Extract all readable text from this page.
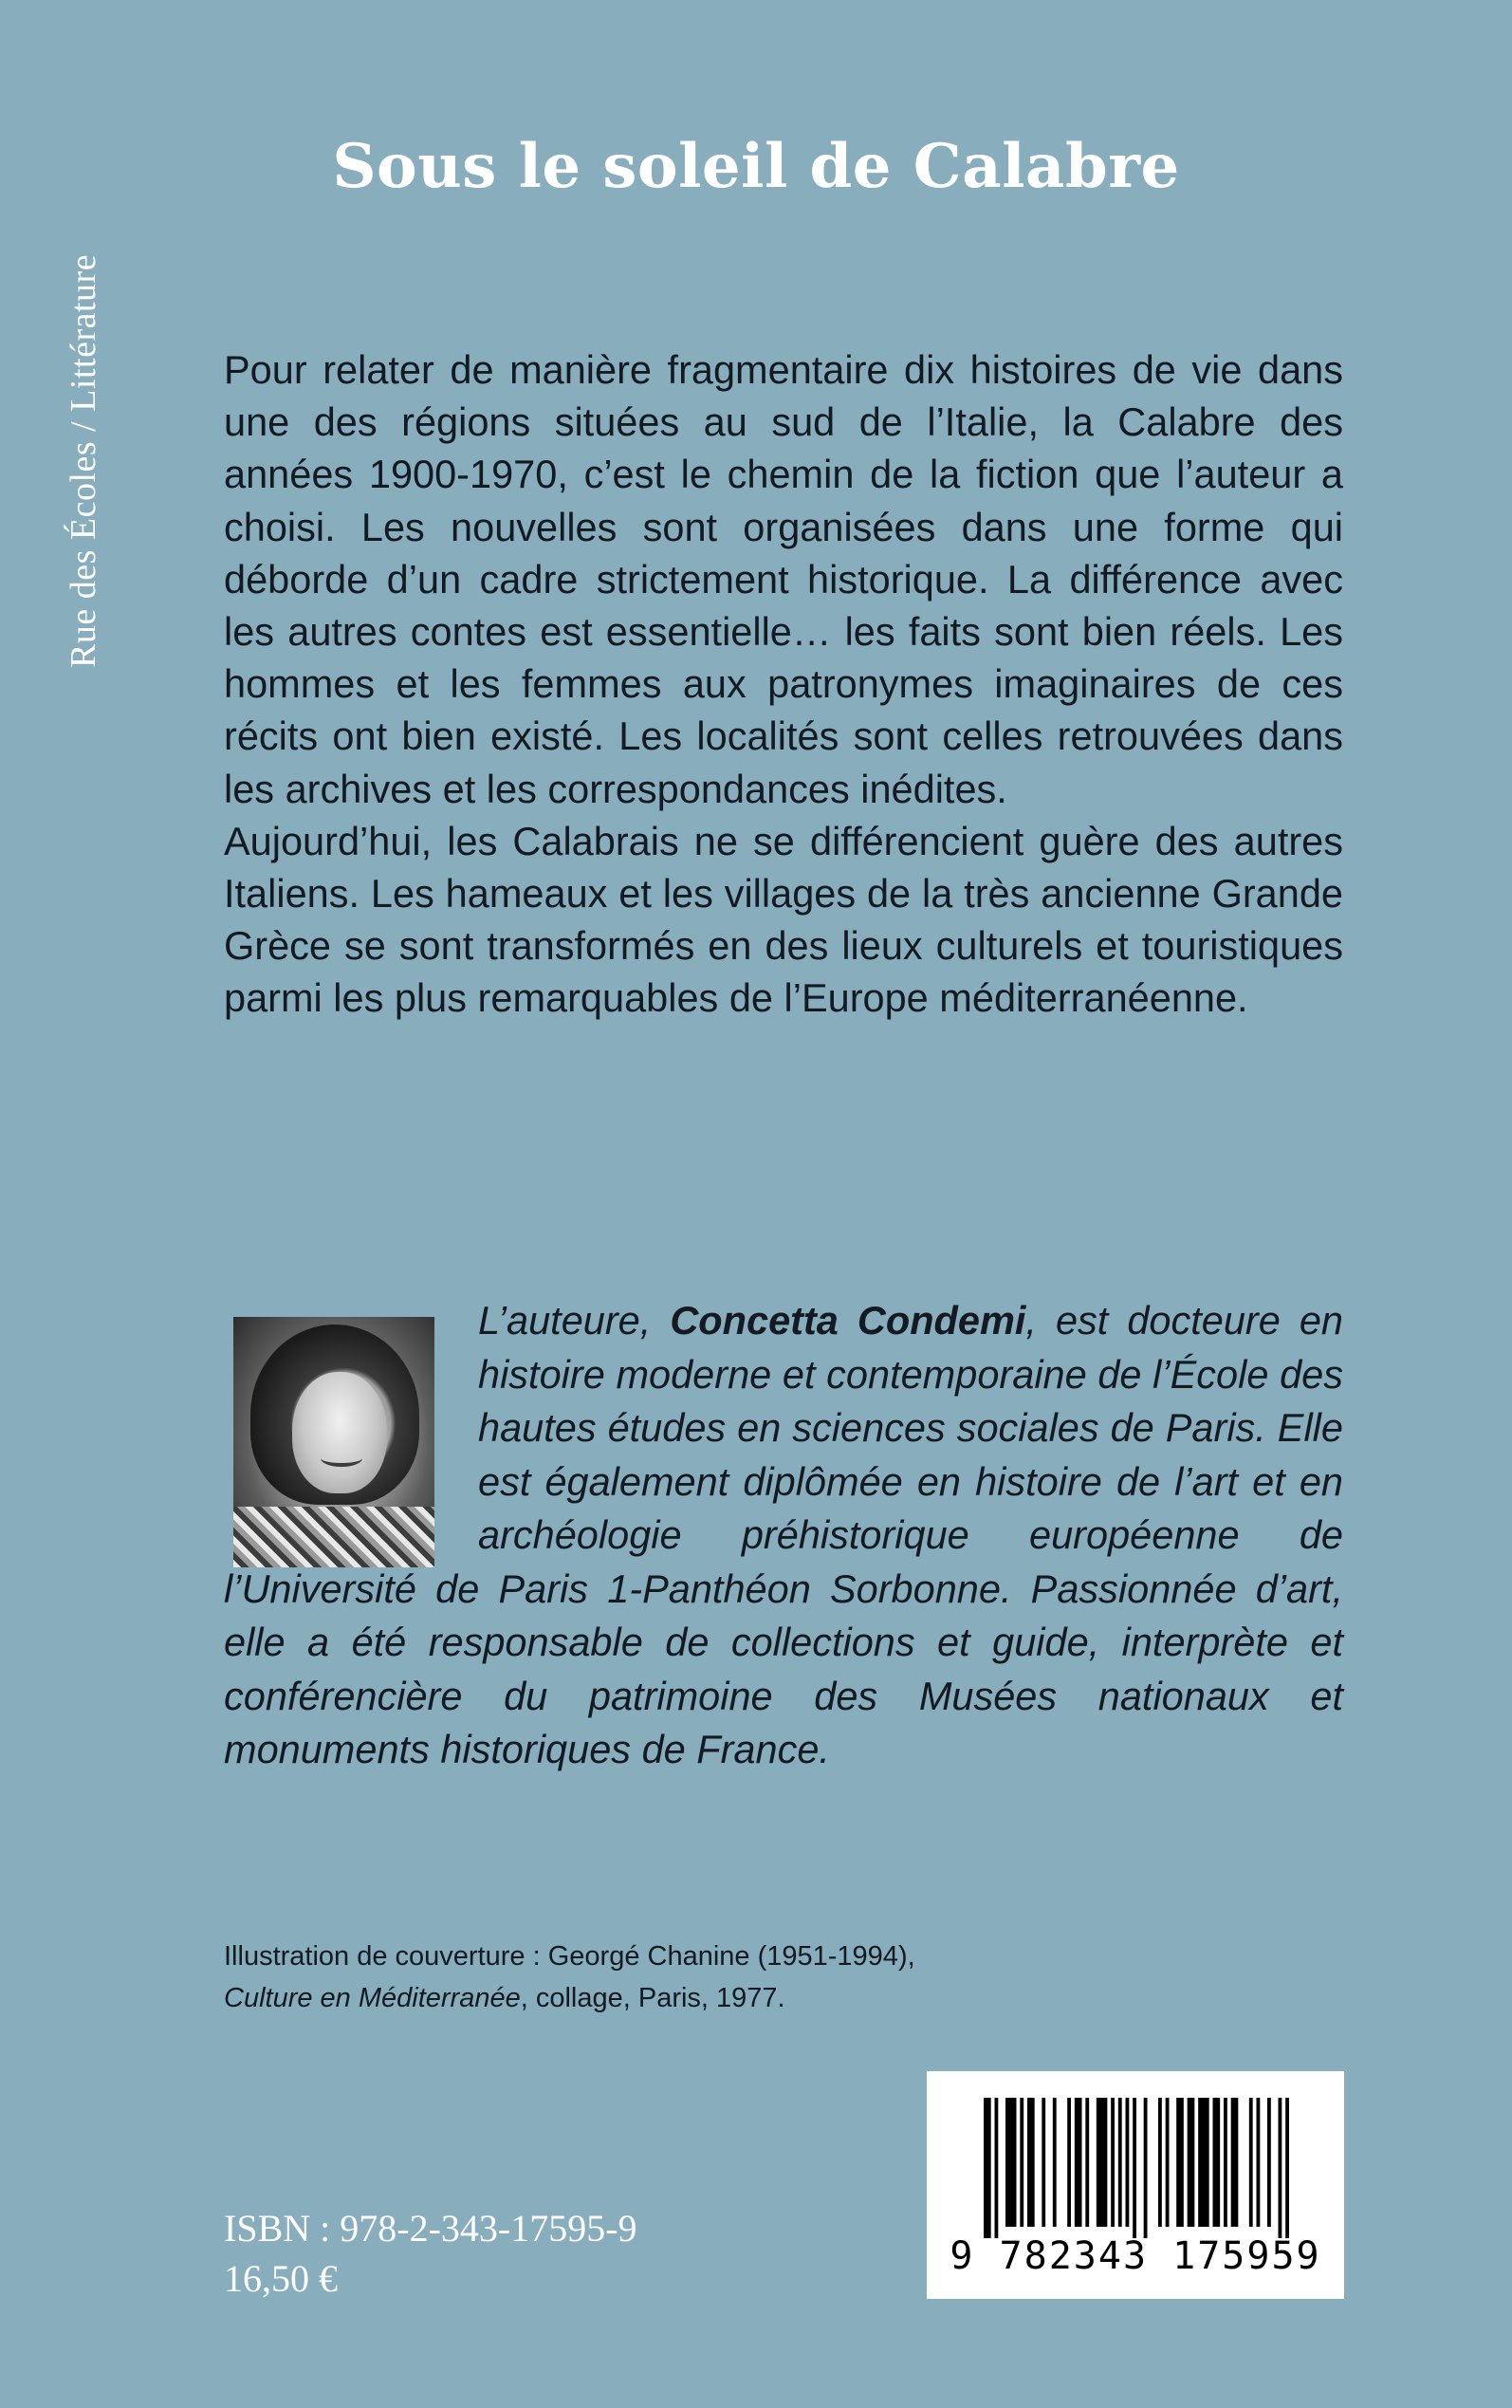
Rue des Écoles / Littérature
Sous le soleil de Calabre

Pour relater de manière fragmentaire dix histoires de vie dans une des régions situées au sud de l’Italie, la Calabre des années 1900-1970, c’est le chemin de la fiction que l’auteur a choisi. Les nouvelles sont organisées dans une forme qui déborde d’un cadre strictement historique. La différence avec les autres contes est essentielle… les faits sont bien réels. Les hommes et les femmes aux patronymes imaginaires de ces récits ont bien existé. Les localités sont celles retrouvées dans les archives et les correspondances inédites.

Aujourd’hui, les Calabrais ne se différencient guère des autres Italiens. Les hameaux et les villages de la très ancienne Grande Grèce se sont transformés en des lieux culturels et touristiques parmi les plus remarquables de l’Europe méditerranéenne.

L’auteure, Concetta Condemi, est docteure en histoire moderne et contemporaine de l’École des hautes études en sciences sociales de Paris. Elle est également diplômée en histoire de l’art et en archéologie préhistorique européenne de l’Université de Paris 1-Panthéon Sorbonne. Passionnée d’art, elle a été responsable de collections et guide, interprète et conférencière du patrimoine des Musées nationaux et monuments historiques de France.

Illustration de couverture : Georgé Chanine (1951-1994),
Culture en Méditerranée, collage, Paris, 1977.
9 782343 175959
ISBN : 978-2-343-17595-9
16,50 €
